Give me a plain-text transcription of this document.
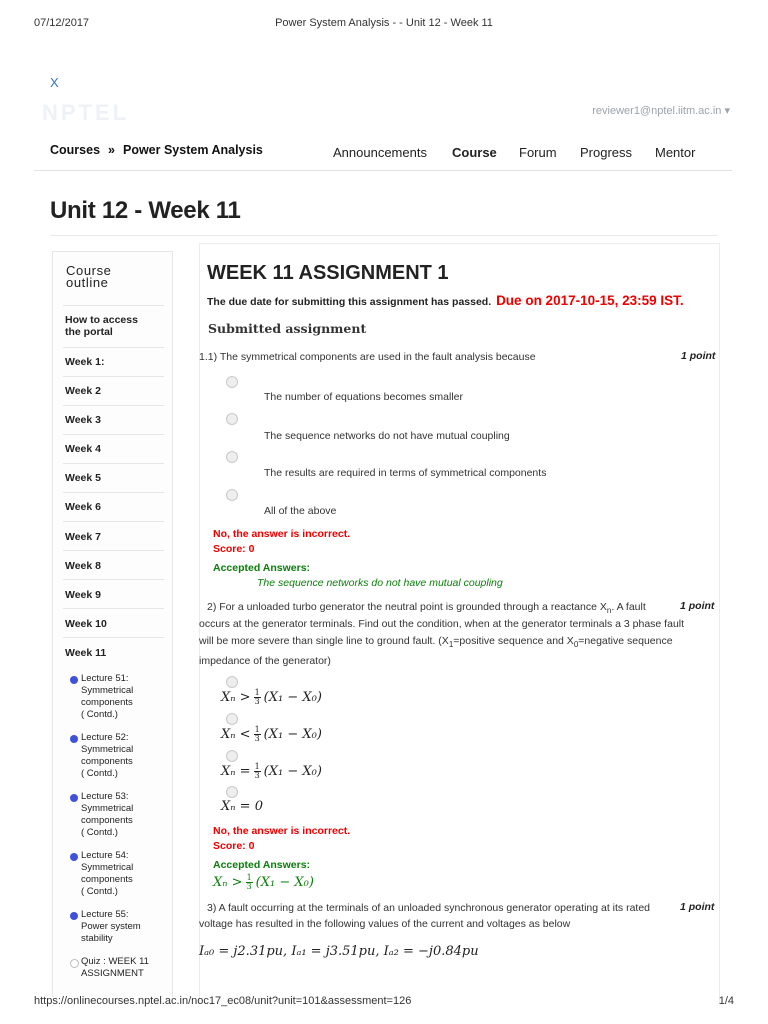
07/12/2017	Power System Analysis - - Unit 12 - Week 11
X
NPTEL	reviewer1@nptel.iitm.ac.in ▾
Courses » Power System Analysis	Announcements Course Forum Progress Mentor
Unit 12 - Week 11
Course
outline
How to access
the portal
Week 1:
Week 2
Week 3
Week 4
Week 5
Week 6
Week 7
Week 8
Week 9
Week 10
Week 11
Lecture 51:
Symmetrical
components
( Contd.)
Lecture 52:
Symmetrical
components
( Contd.)
Lecture 53:
Symmetrical
components
( Contd.)
Lecture 54:
Symmetrical
components
( Contd.)
Lecture 55:
Power system
stability
Quiz : WEEK 11
ASSIGNMENT
WEEK 11 ASSIGNMENT 1
The due date for submitting this assignment has passed. Due on 2017-10-15, 23:59 IST.
Submitted assignment
1.1) The symmetrical components are used in the fault analysis because	1 point
The number of equations becomes smaller
The sequence networks do not have mutual coupling
The results are required in terms of symmetrical components
All of the above
No, the answer is incorrect.
Score: 0
Accepted Answers:
The sequence networks do not have mutual coupling
2) For a unloaded turbo generator the neutral point is grounded through a reactance $X_n$. A fault
occurs at the generator terminals. Find out the condition, when at the generator terminals a 3 phase fault
will be more severe than single line to ground fault. ($X_1=positive$ sequence and $X_0=negative$ sequence
impedance of the generator)
1 point
$X_n > \frac{1}{3} (X_1 - X_0)$
$X_n < \frac{1}{3} (X_1 - X_0)$
$X_n = \frac{1}{3} (X_1 - X_0)$
Xₙ = 0
No, the answer is incorrect.
Score: 0
Accepted Answers:
$X_n > \frac{1}{3} (X_1 - X_0)$
3) A fault occurring at the terminals of an unloaded synchronous generator operating at its rated
voltage has resulted in the following values of the current and voltages as below
1 point
Iₐ₀ = j2.31pu, Iₐ₁ = j3.51pu, Iₐ₂ = −j0.84pu
https://onlinecourses.nptel.ac.in/noc17_ec08/unit?unit=101&assessment=126	1/4
